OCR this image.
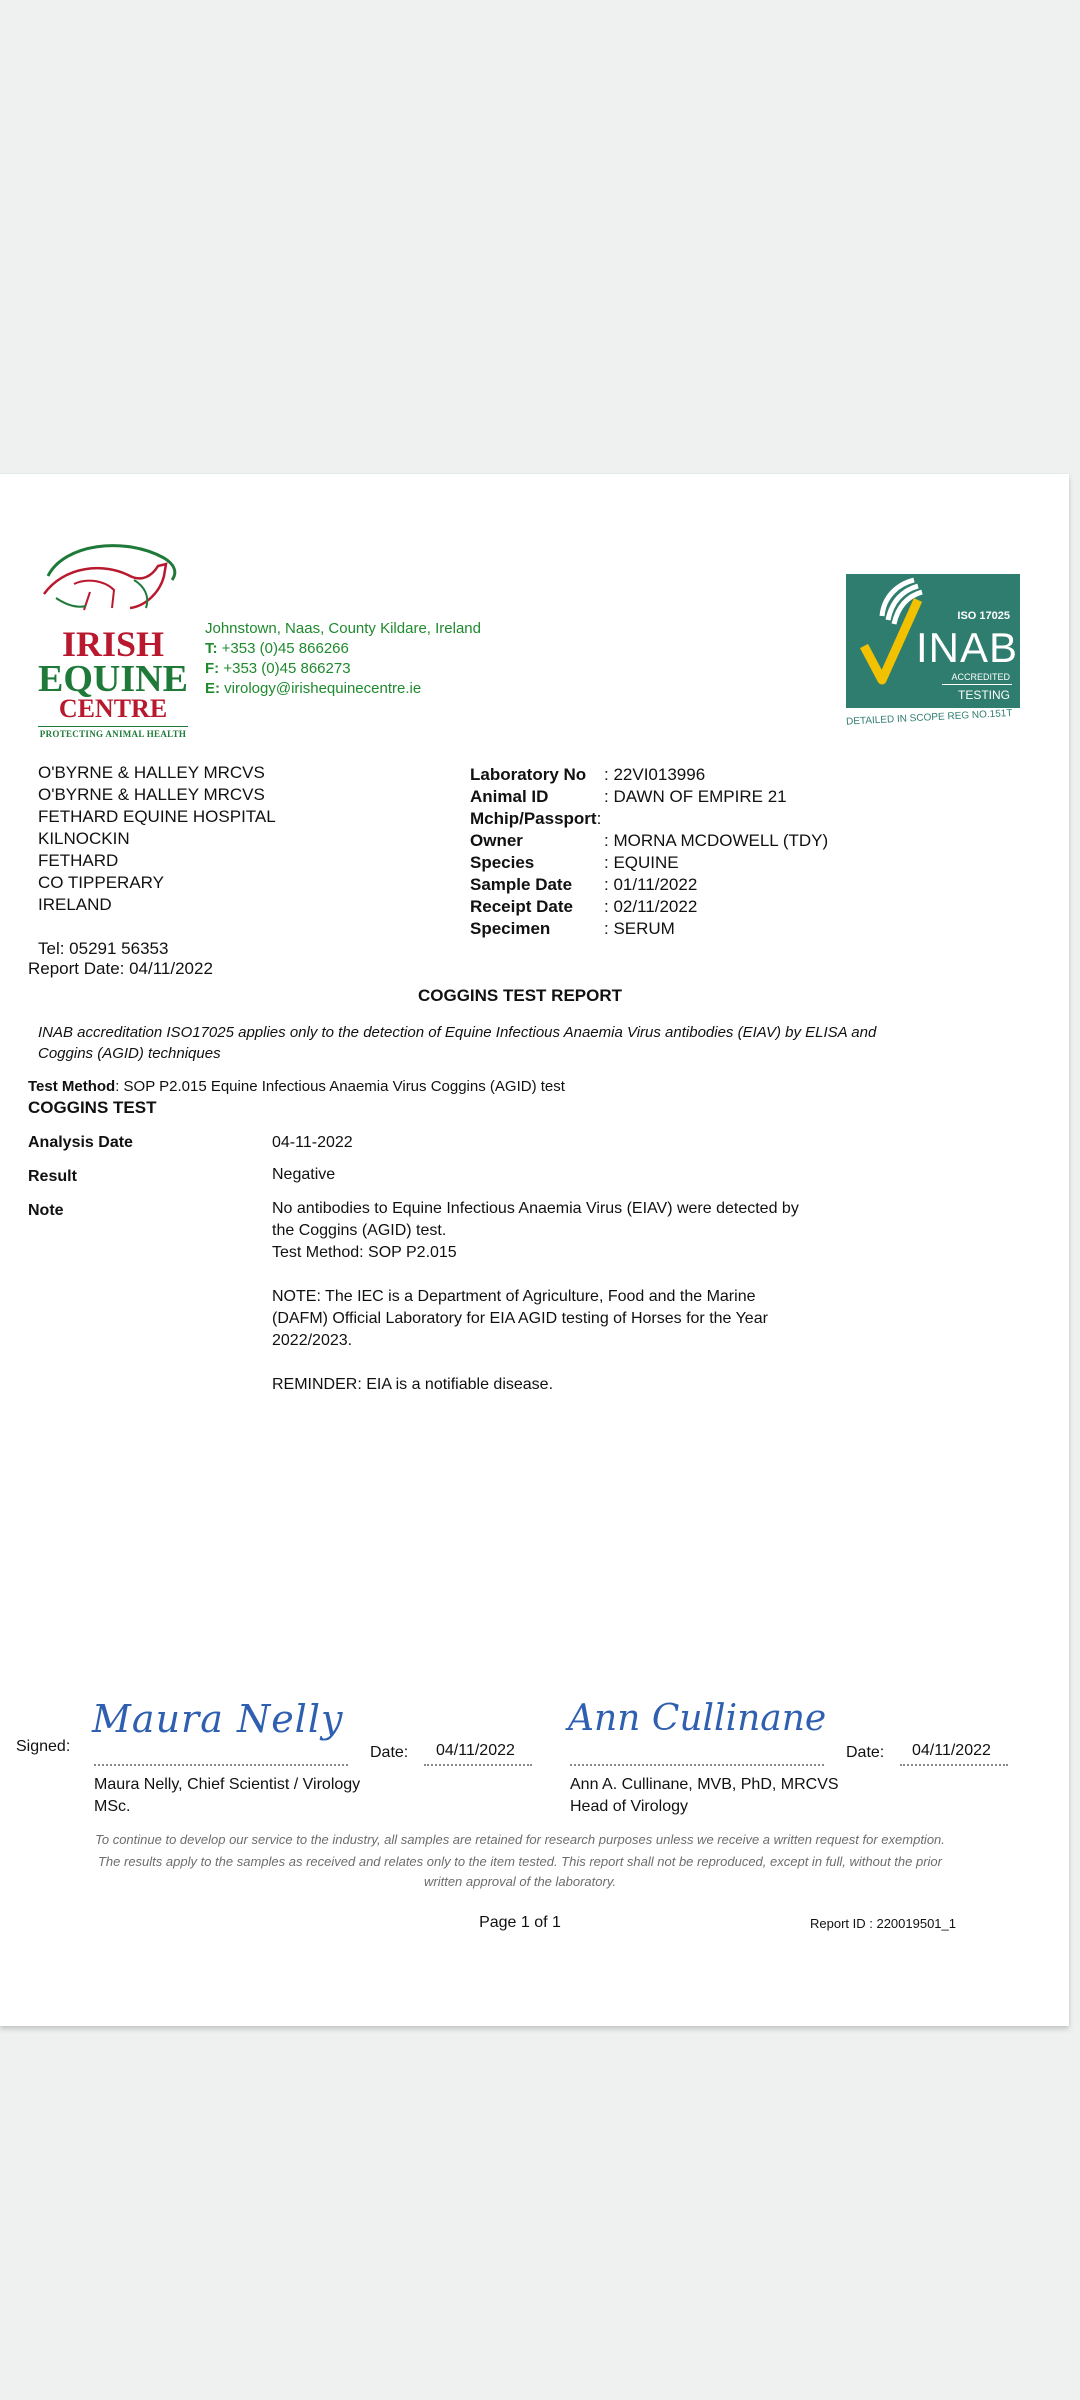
IRISH
EQUINE
CENTRE
PROTECTING ANIMAL HEALTH
Johnstown, Naas, County Kildare, Ireland
T: +353 (0)45 866266
F: +353 (0)45 866273
E: virology@irishequinecentre.ie
ISO 17025
INAB
ACCREDITED
TESTING
DETAILED IN SCOPE REG NO.151T
O'BYRNE & HALLEY MRCVS
O'BYRNE & HALLEY MRCVS
FETHARD EQUINE HOSPITAL
KILNOCKIN
FETHARD
CO TIPPERARY
IRELAND
Tel: 05291 56353
Report Date: 04/11/2022
Laboratory No	: 22VI013996
Animal ID	: DAWN OF EMPIRE 21
Mchip/Passport :
Owner	: MORNA MCDOWELL (TDY)
Species	: EQUINE
Sample Date	: 01/11/2022
Receipt Date	: 02/11/2022
Specimen	: SERUM
COGGINS TEST REPORT
INAB accreditation ISO17025 applies only to the detection of Equine Infectious Anaemia Virus antibodies (EIAV) by ELISA and Coggins (AGID) techniques
Test Method: SOP P2.015 Equine Infectious Anaemia Virus Coggins (AGID) test
COGGINS TEST
Analysis Date	04-11-2022
Result	Negative
Note	No antibodies to Equine Infectious Anaemia Virus (EIAV) were detected by
the Coggins (AGID) test.
Test Method: SOP P2.015
NOTE: The IEC is a Department of Agriculture, Food and the Marine
(DAFM) Official Laboratory for EIA AGID testing of Horses for the Year
2022/2023.
REMINDER: EIA is a notifiable disease.
Signed:
Maura Nelly
Date: 04/11/2022
Maura Nelly, Chief Scientist / Virology
MSc.
Ann Cullinane
Date: 04/11/2022
Ann A. Cullinane, MVB, PhD, MRCVS
Head of Virology
To continue to develop our service to the industry, all samples are retained for research purposes unless we receive a written request for exemption.
The results apply to the samples as received and relates only to the item tested. This report shall not be reproduced, except in full, without the prior written approval of the laboratory.
Page 1 of 1	Report ID : 220019501_1
